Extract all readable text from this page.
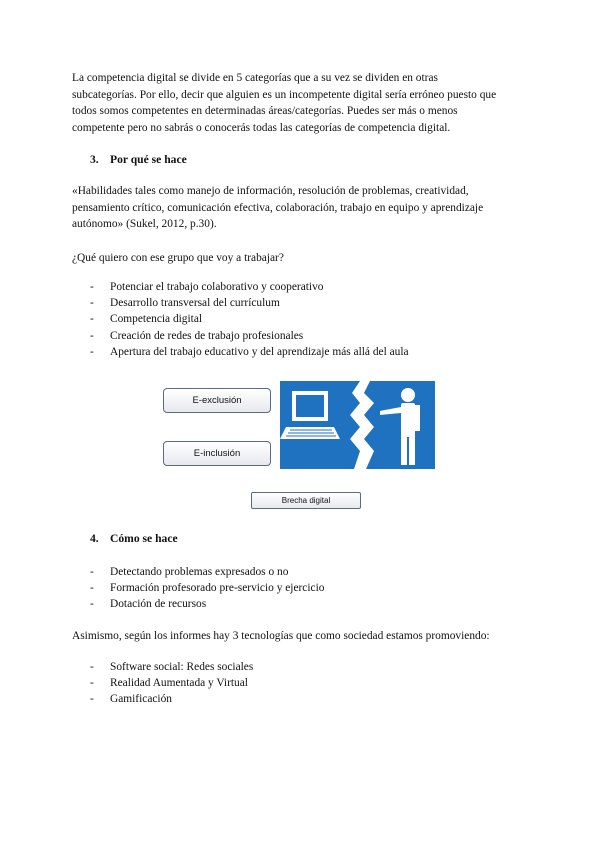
La competencia digital se divide en 5 categorías que a su vez se dividen en otras
subcategorías. Por ello, decir que alguien es un incompetente digital sería erróneo puesto que
todos somos competentes en determinadas áreas/categorías. Puedes ser más o menos
competente pero no sabrás o conocerás todas las categorías de competencia digital.
3. Por qué se hace
«Habilidades tales como manejo de información, resolución de problemas, creatividad,
pensamiento crítico, comunicación efectiva, colaboración, trabajo en equipo y aprendizaje
autónomo» (Sukel, 2012, p.30).
¿Qué quiero con ese grupo que voy a trabajar?
- Potenciar el trabajo colaborativo y cooperativo
- Desarrollo transversal del currículum
- Competencia digital
- Creación de redes de trabajo profesionales
- Apertura del trabajo educativo y del aprendizaje más allá del aula
E-exclusión
E-inclusión
Brecha digital
4. Cómo se hace
- Detectando problemas expresados o no
- Formación profesorado pre-servicio y ejercicio
- Dotación de recursos
Asimismo, según los informes hay 3 tecnologías que como sociedad estamos promoviendo:
- Software social: Redes sociales
- Realidad Aumentada y Virtual
- Gamificación
